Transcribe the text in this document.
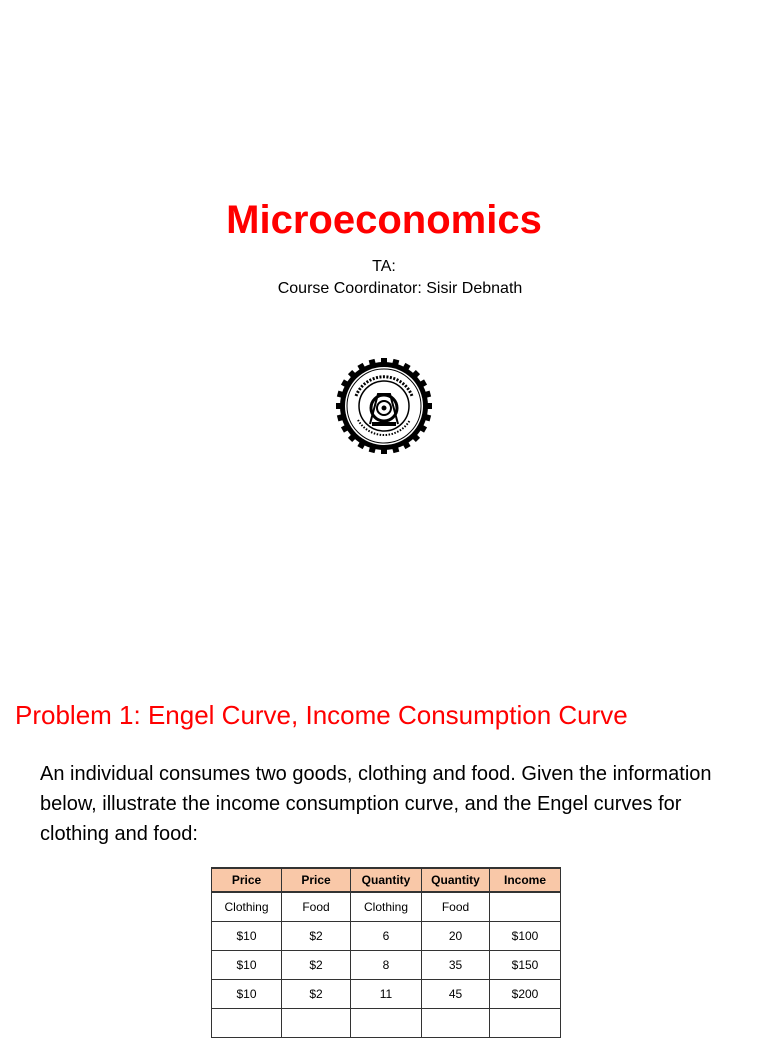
Microeconomics
TA:
Course Coordinator: Sisir Debnath
Problem 1: Engel Curve, Income Consumption Curve
An individual consumes two goods, clothing and food. Given the information below, illustrate the income consumption curve, and the Engel curves for clothing and food:
Price	Price	Quantity	Quantity	Income
Clothing	Food	Clothing	Food	
$10	$2	6	20	$100
$10	$2	8	35	$150
$10	$2	11	45	$200
